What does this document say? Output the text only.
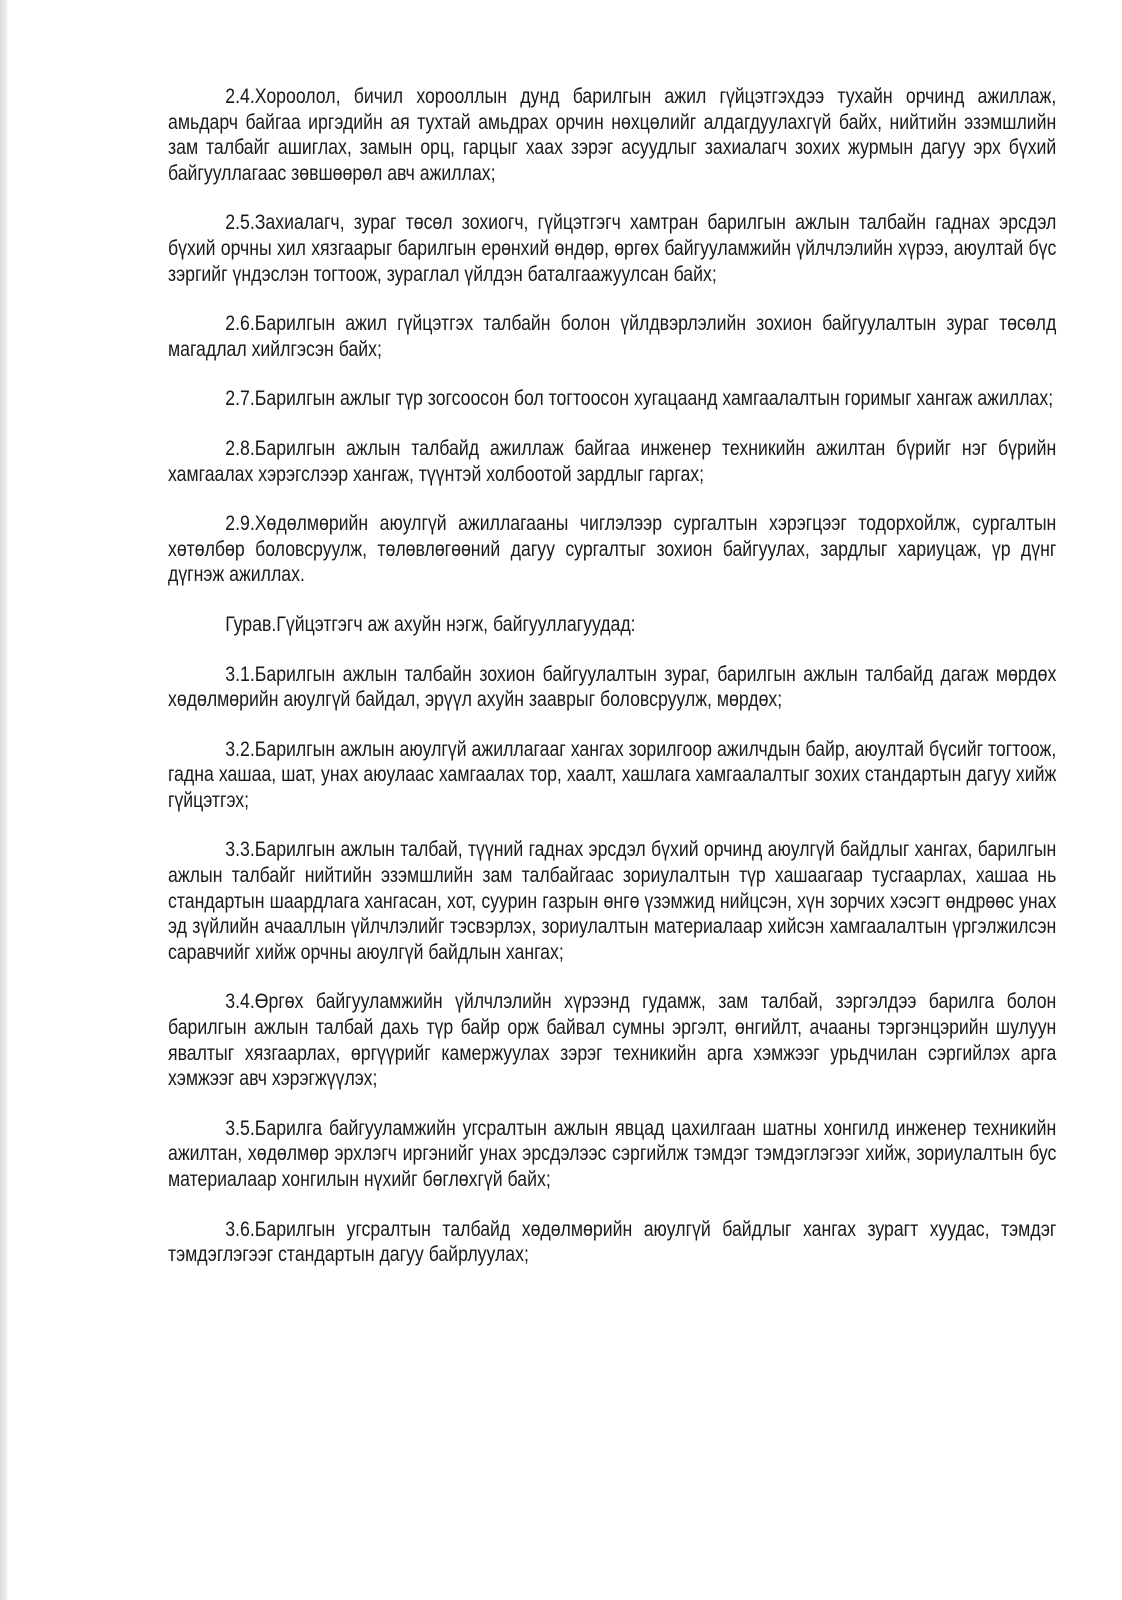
2.4.Хороолол, бичил хорооллын дунд барилгын ажил гүйцэтгэхдээ тухайн орчинд ажиллаж, амьдарч байгаа иргэдийн ая тухтай амьдрах орчин нөхцөлийг алдагдуулахгүй байх, нийтийн эзэмшлийн зам талбайг ашиглах, замын орц, гарцыг хаах зэрэг асуудлыг захиалагч зохих журмын дагуу эрх бүхий байгууллагаас зөвшөөрөл авч ажиллах;

2.5.Захиалагч, зураг төсөл зохиогч, гүйцэтгэгч хамтран барилгын ажлын талбайн гаднах эрсдэл бүхий орчны хил хязгаарыг барилгын ерөнхий өндөр, өргөх байгууламжийн үйлчлэлийн хүрээ, аюултай бүс зэргийг үндэслэн тогтоож, зураглал үйлдэн баталгаажуулсан байх;

2.6.Барилгын ажил гүйцэтгэх талбайн болон үйлдвэрлэлийн зохион байгуулалтын зураг төсөлд магадлал хийлгэсэн байх;

2.7.Барилгын ажлыг түр зогсоосон бол тогтоосон хугацаанд хамгаалалтын горимыг хангаж ажиллах;

2.8.Барилгын ажлын талбайд ажиллаж байгаа инженер техникийн ажилтан бүрийг нэг бүрийн хамгаалах хэрэгслээр хангаж, түүнтэй холбоотой зардлыг гаргах;

2.9.Хөдөлмөрийн аюулгүй ажиллагааны чиглэлээр сургалтын хэрэгцээг тодорхойлж, сургалтын хөтөлбөр боловсруулж, төлөвлөгөөний дагуу сургалтыг зохион байгуулах, зардлыг хариуцаж, үр дүнг дүгнэж ажиллах.

Гурав.Гүйцэтгэгч аж ахуйн нэгж, байгууллагуудад:

3.1.Барилгын ажлын талбайн зохион байгуулалтын зураг, барилгын ажлын талбайд дагаж мөрдөх хөдөлмөрийн аюулгүй байдал, эрүүл ахуйн зааврыг боловсруулж, мөрдөх;

3.2.Барилгын ажлын аюулгүй ажиллагааг хангах зорилгоор ажилчдын байр, аюултай бүсийг тогтоож, гадна хашаа, шат, унах аюулаас хамгаалах тор, хаалт, хашлага хамгаалалтыг зохих стандартын дагуу хийж гүйцэтгэх;

3.3.Барилгын ажлын талбай, түүний гаднах эрсдэл бүхий орчинд аюулгүй байдлыг хангах, барилгын ажлын талбайг нийтийн эзэмшлийн зам талбайгаас зориулалтын түр хашаагаар тусгаарлах, хашаа нь стандартын шаардлага хангасан, хот, суурин газрын өнгө үзэмжид нийцсэн, хүн зорчих хэсэгт өндрөөс унах эд зүйлийн ачааллын үйлчлэлийг тэсвэрлэх, зориулалтын материалаар хийсэн хамгаалалтын үргэлжилсэн саравчийг хийж орчны аюулгүй байдлын хангах;

3.4.Өргөх байгууламжийн үйлчлэлийн хүрээнд гудамж, зам талбай, зэргэлдээ барилга болон барилгын ажлын талбай дахь түр байр орж байвал сумны эргэлт, өнгийлт, ачааны тэргэнцэрийн шулуун явалтыг хязгаарлах, өргүүрийг камержуулах зэрэг техникийн арга хэмжээг урьдчилан сэргийлэх арга хэмжээг авч хэрэгжүүлэх;

3.5.Барилга байгууламжийн угсралтын ажлын явцад цахилгаан шатны хонгилд инженер техникийн ажилтан, хөдөлмөр эрхлэгч иргэнийг унах эрсдэлээс сэргийлж тэмдэг тэмдэглэгээг хийж, зориулалтын бус материалаар хонгилын нүхийг бөглөхгүй байх;

3.6.Барилгын угсралтын талбайд хөдөлмөрийн аюулгүй байдлыг хангах зурагт хуудас, тэмдэг тэмдэглэгээг стандартын дагуу байрлуулах;
